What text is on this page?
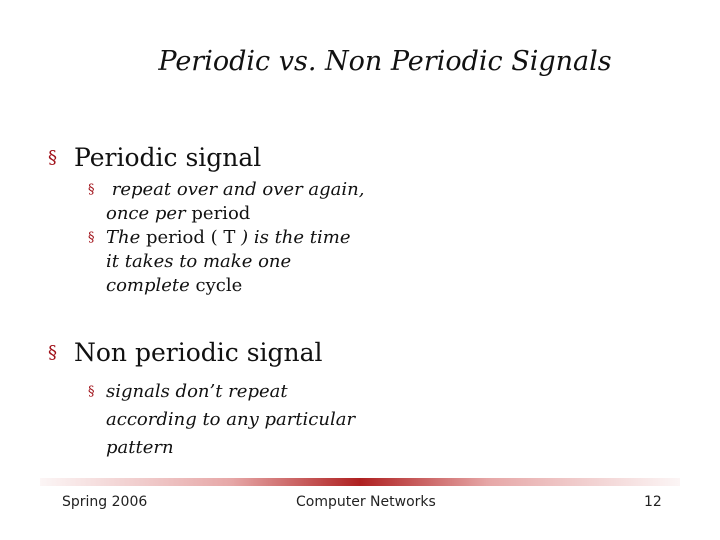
Periodic vs. Non Periodic Signals
§ Periodic signal
§ repeat over and over again,
once per period
§ The period ( T ) is the time
it takes to make one
complete cycle
§ Non periodic signal
§ signals don’t repeat
according to any particular
pattern
Spring 2006	Computer Networks	12
